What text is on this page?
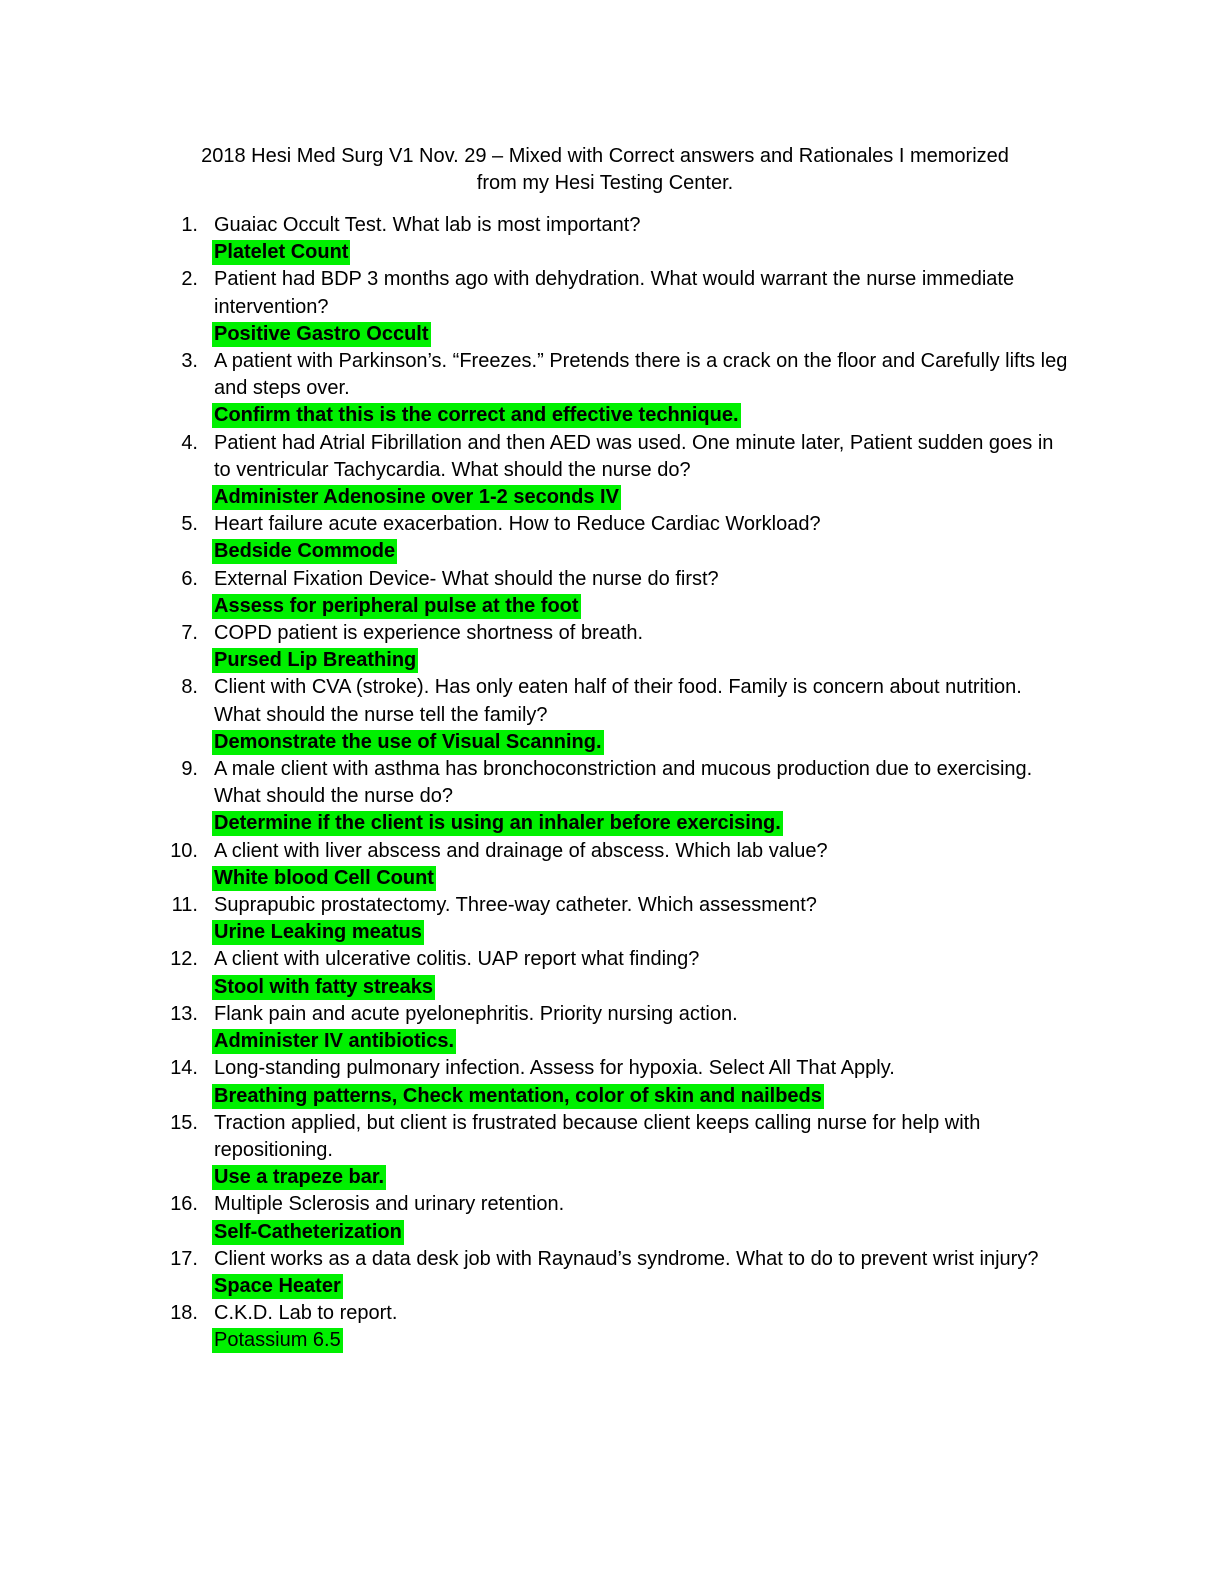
2018 Hesi Med Surg V1 Nov. 29 – Mixed with Correct answers and Rationales I memorized
from my Hesi Testing Center.
1. Guaiac Occult Test. What lab is most important?
Platelet Count
2. Patient had BDP 3 months ago with dehydration. What would warrant the nurse immediate intervention?
Positive Gastro Occult
3. A patient with Parkinson’s. “Freezes.” Pretends there is a crack on the floor and Carefully lifts leg and steps over.
Confirm that this is the correct and effective technique.
4. Patient had Atrial Fibrillation and then AED was used. One minute later, Patient sudden goes in to ventricular Tachycardia. What should the nurse do?
Administer Adenosine over 1-2 seconds IV
5. Heart failure acute exacerbation. How to Reduce Cardiac Workload?
Bedside Commode
6. External Fixation Device- What should the nurse do first?
Assess for peripheral pulse at the foot
7. COPD patient is experience shortness of breath.
Pursed Lip Breathing
8. Client with CVA (stroke). Has only eaten half of their food. Family is concern about nutrition. What should the nurse tell the family?
Demonstrate the use of Visual Scanning.
9. A male client with asthma has bronchoconstriction and mucous production due to exercising. What should the nurse do?
Determine if the client is using an inhaler before exercising.
10. A client with liver abscess and drainage of abscess. Which lab value?
White blood Cell Count
11. Suprapubic prostatectomy. Three-way catheter. Which assessment?
Urine Leaking meatus
12. A client with ulcerative colitis. UAP report what finding?
Stool with fatty streaks
13. Flank pain and acute pyelonephritis. Priority nursing action.
Administer IV antibiotics.
14. Long-standing pulmonary infection. Assess for hypoxia. Select All That Apply.
Breathing patterns, Check mentation, color of skin and nailbeds
15. Traction applied, but client is frustrated because client keeps calling nurse for help with repositioning.
Use a trapeze bar.
16. Multiple Sclerosis and urinary retention.
Self-Catheterization
17. Client works as a data desk job with Raynaud’s syndrome. What to do to prevent wrist injury?
Space Heater
18. C.K.D. Lab to report.
Potassium 6.5
